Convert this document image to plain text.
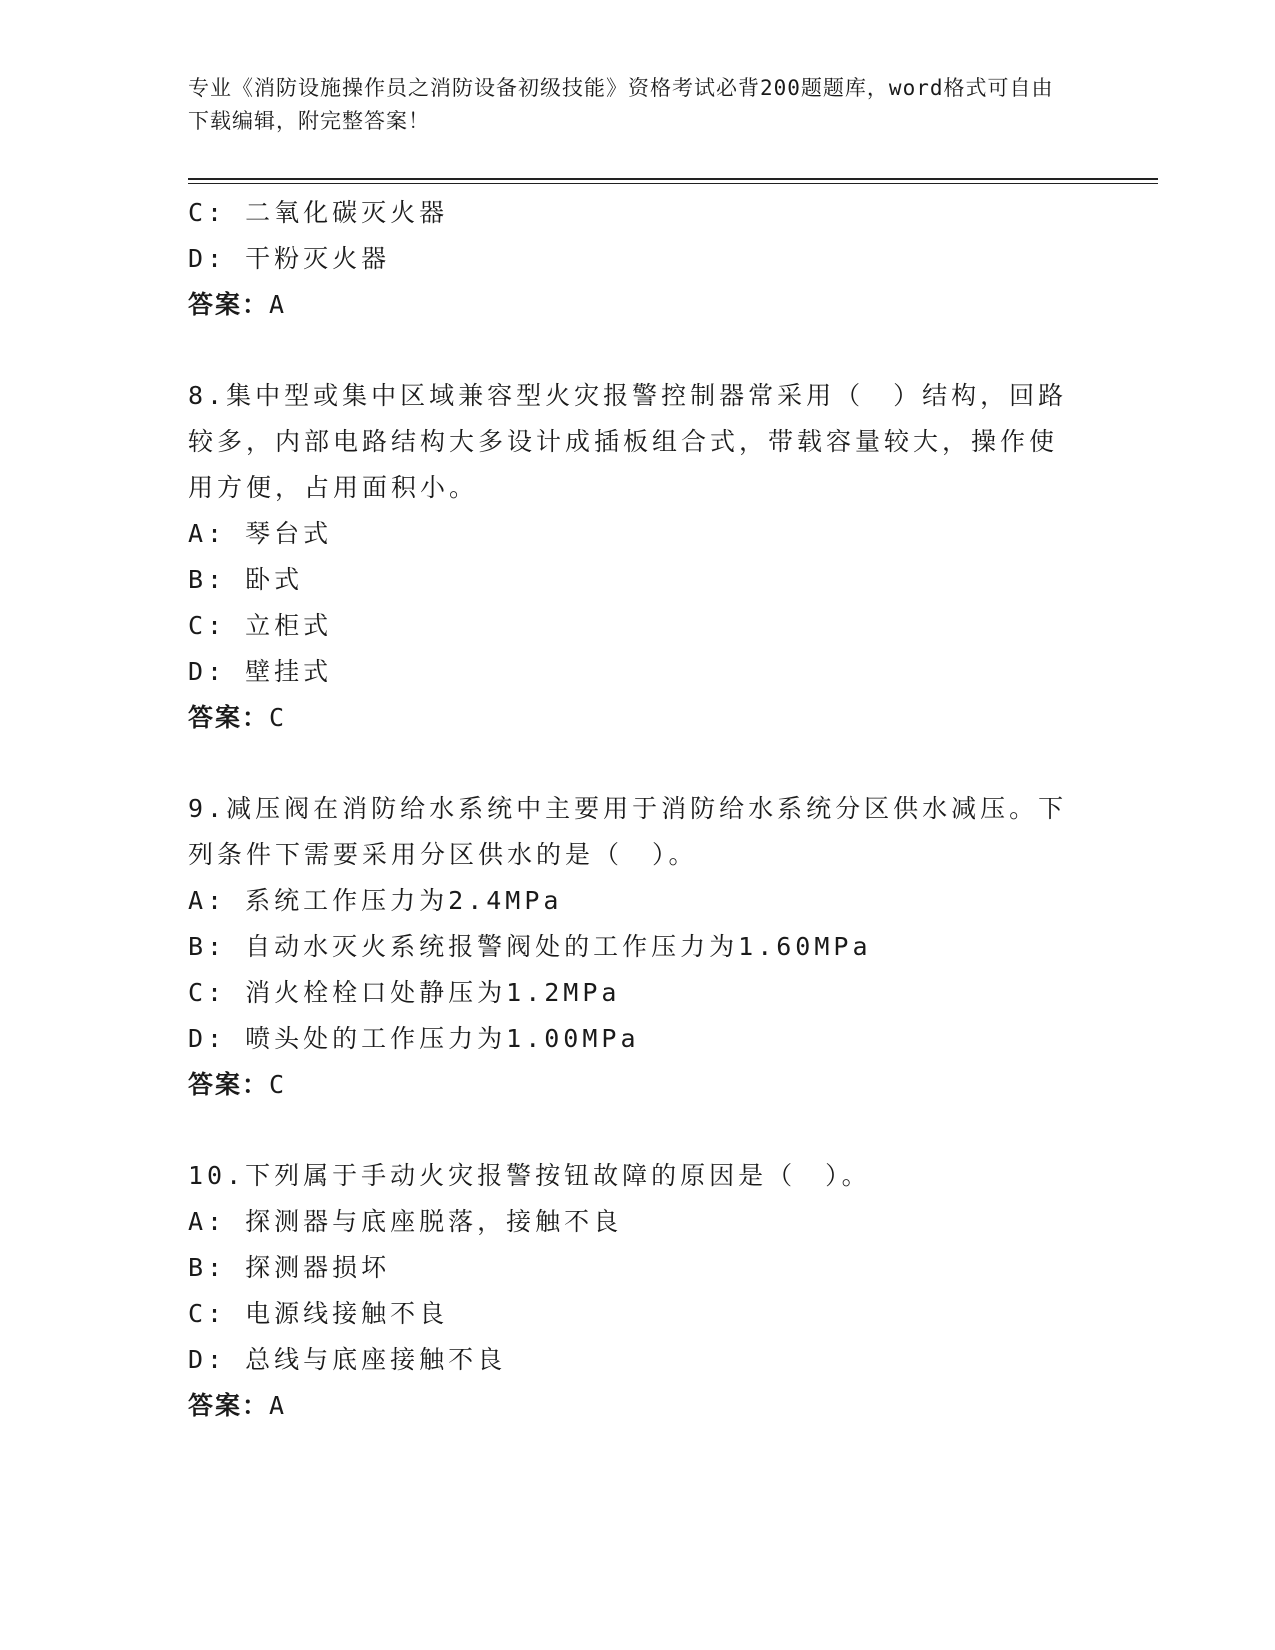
专业《消防设施操作员之消防设备初级技能》资格考试必背200题题库，word格式可自由下载编辑，附完整答案！
C: 二氧化碳灭火器
D: 干粉灭火器
答案：A
8.集中型或集中区域兼容型火灾报警控制器常采用（　）结构，回路较多，内部电路结构大多设计成插板组合式，带载容量较大，操作使用方便，占用面积小。
A: 琴台式
B: 卧式
C: 立柜式
D: 壁挂式
答案：C
9.减压阀在消防给水系统中主要用于消防给水系统分区供水减压。下列条件下需要采用分区供水的是（　）。
A: 系统工作压力为2.4MPa
B: 自动水灭火系统报警阀处的工作压力为1.60MPa
C: 消火栓栓口处静压为1.2MPa
D: 喷头处的工作压力为1.00MPa
答案：C
10.下列属于手动火灾报警按钮故障的原因是（　）。
A: 探测器与底座脱落，接触不良
B: 探测器损坏
C: 电源线接触不良
D: 总线与底座接触不良
答案：A
